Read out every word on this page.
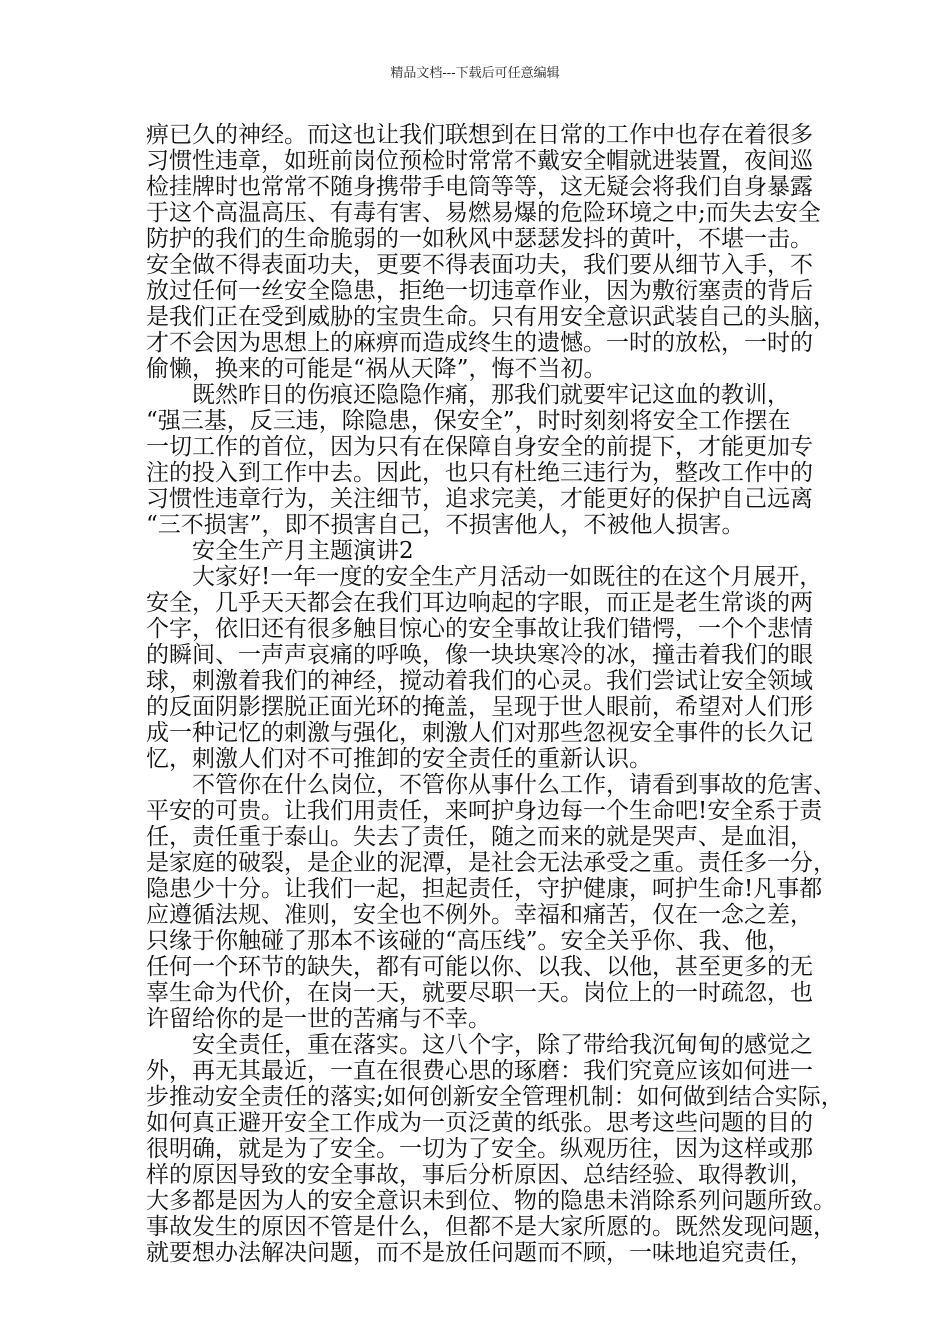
精品文档---下载后可任意编辑

痹已久的神经。而这也让我们联想到在日常的工作中也存在着很多
习惯性违章，如班前岗位预检时常常不戴安全帽就进装置，夜间巡
检挂牌时也常常不随身携带手电筒等等，这无疑会将我们自身暴露
于这个高温高压、有毒有害、易燃易爆的危险环境之中;而失去安全
防护的我们的生命脆弱的一如秋风中瑟瑟发抖的黄叶，不堪一击。
安全做不得表面功夫，更要不得表面功夫，我们要从细节入手，不
放过任何一丝安全隐患，拒绝一切违章作业，因为敷衍塞责的背后
是我们正在受到威胁的宝贵生命。只有用安全意识武装自己的头脑，
才不会因为思想上的麻痹而造成终生的遗憾。一时的放松，一时的
偷懒，换来的可能是“祸从天降”，悔不当初。

既然昨日的伤痕还隐隐作痛，那我们就要牢记这血的教训，
“强三基，反三违，除隐患，保安全”，时时刻刻将安全工作摆在
一切工作的首位，因为只有在保障自身安全的前提下，才能更加专
注的投入到工作中去。因此，也只有杜绝三违行为，整改工作中的
习惯性违章行为，关注细节，追求完美，才能更好的保护自己远离
“三不损害”，即不损害自己，不损害他人，不被他人损害。

安全生产月主题演讲2

大家好!一年一度的安全生产月活动一如既往的在这个月展开，
安全，几乎天天都会在我们耳边响起的字眼，而正是老生常谈的两
个字，依旧还有很多触目惊心的安全事故让我们错愕，一个个悲情
的瞬间、一声声哀痛的呼唤，像一块块寒冷的冰，撞击着我们的眼
球，刺激着我们的神经，搅动着我们的心灵。我们尝试让安全领域
的反面阴影摆脱正面光环的掩盖，呈现于世人眼前，希望对人们形
成一种记忆的刺激与强化，刺激人们对那些忽视安全事件的长久记
忆，刺激人们对不可推卸的安全责任的重新认识。

不管你在什么岗位，不管你从事什么工作，请看到事故的危害、
平安的可贵。让我们用责任，来呵护身边每一个生命吧!安全系于责
任，责任重于泰山。失去了责任，随之而来的就是哭声、是血泪，
是家庭的破裂，是企业的泥潭，是社会无法承受之重。责任多一分，
隐患少十分。让我们一起，担起责任，守护健康，呵护生命!凡事都
应遵循法规、准则，安全也不例外。幸福和痛苦，仅在一念之差，
只缘于你触碰了那本不该碰的“高压线”。安全关乎你、我、他，
任何一个环节的缺失，都有可能以你、以我、以他，甚至更多的无
辜生命为代价，在岗一天，就要尽职一天。岗位上的一时疏忽，也
许留给你的是一世的苦痛与不幸。

安全责任，重在落实。这八个字，除了带给我沉甸甸的感觉之
外，再无其最近，一直在很费心思的琢磨：我们究竟应该如何进一
步推动安全责任的落实;如何创新安全管理机制：如何做到结合实际，
如何真正避开安全工作成为一页泛黄的纸张。思考这些问题的目的
很明确，就是为了安全。一切为了安全。纵观历往，因为这样或那
样的原因导致的安全事故，事后分析原因、总结经验、取得教训，
大多都是因为人的安全意识未到位、物的隐患未消除系列问题所致。
事故发生的原因不管是什么，但都不是大家所愿的。既然发现问题，
就要想办法解决问题，而不是放任问题而不顾，一味地追究责任，
